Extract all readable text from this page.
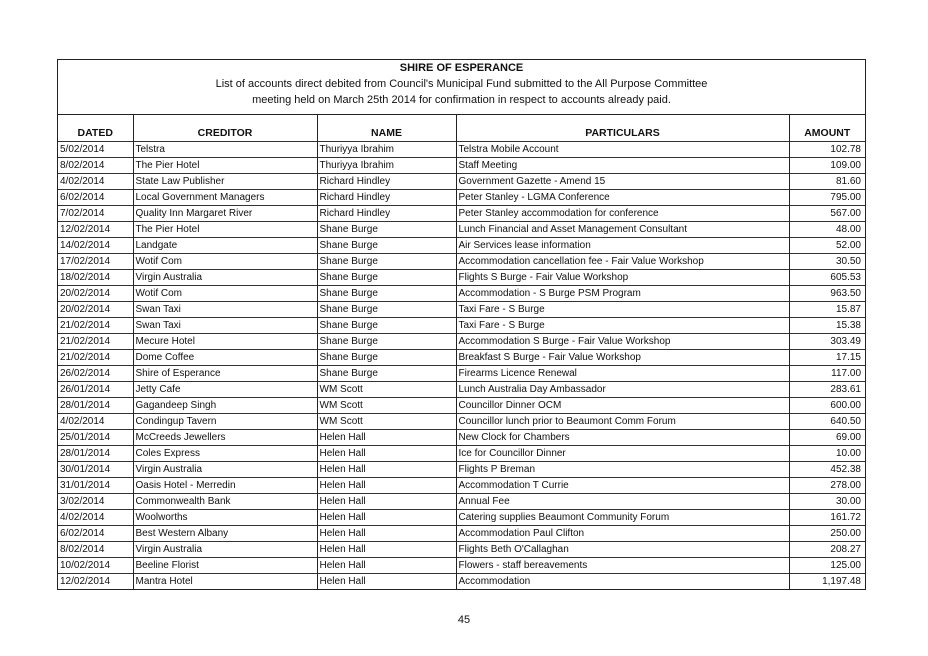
SHIRE OF ESPERANCE
List of accounts direct debited from Council's Municipal Fund submitted to the All Purpose Committee
meeting held on March 25th 2014 for confirmation in respect to accounts already paid.
DATED	CREDITOR	NAME	PARTICULARS	AMOUNT
5/02/2014	Telstra	Thuriyya Ibrahim	Telstra Mobile Account	102.78
8/02/2014	The Pier Hotel	Thuriyya Ibrahim	Staff Meeting	109.00
4/02/2014	State Law Publisher	Richard Hindley	Government Gazette - Amend 15	81.60
6/02/2014	Local Government Managers	Richard Hindley	Peter Stanley - LGMA Conference	795.00
7/02/2014	Quality Inn Margaret River	Richard Hindley	Peter Stanley accommodation for conference	567.00
12/02/2014	The Pier Hotel	Shane Burge	Lunch Financial and Asset Management Consultant	48.00
14/02/2014	Landgate	Shane Burge	Air Services lease information	52.00
17/02/2014	Wotif Com	Shane Burge	Accommodation cancellation fee - Fair Value Workshop	30.50
18/02/2014	Virgin Australia	Shane Burge	Flights S Burge - Fair Value Workshop	605.53
20/02/2014	Wotif Com	Shane Burge	Accommodation - S Burge PSM Program	963.50
20/02/2014	Swan Taxi	Shane Burge	Taxi Fare - S Burge	15.87
21/02/2014	Swan Taxi	Shane Burge	Taxi Fare - S Burge	15.38
21/02/2014	Mecure Hotel	Shane Burge	Accommodation S Burge - Fair Value Workshop	303.49
21/02/2014	Dome Coffee	Shane Burge	Breakfast S Burge - Fair Value Workshop	17.15
26/02/2014	Shire of Esperance	Shane Burge	Firearms Licence Renewal	117.00
26/01/2014	Jetty Cafe	WM Scott	Lunch Australia Day Ambassador	283.61
28/01/2014	Gagandeep Singh	WM Scott	Councillor Dinner OCM	600.00
4/02/2014	Condingup Tavern	WM Scott	Councillor lunch prior to Beaumont Comm Forum	640.50
25/01/2014	McCreeds Jewellers	Helen Hall	New Clock for Chambers	69.00
28/01/2014	Coles Express	Helen Hall	Ice for Councillor Dinner	10.00
30/01/2014	Virgin Australia	Helen Hall	Flights P Breman	452.38
31/01/2014	Oasis Hotel - Merredin	Helen Hall	Accommodation T Currie	278.00
3/02/2014	Commonwealth Bank	Helen Hall	Annual Fee	30.00
4/02/2014	Woolworths	Helen Hall	Catering supplies Beaumont Community Forum	161.72
6/02/2014	Best Western Albany	Helen Hall	Accommodation Paul Clifton	250.00
8/02/2014	Virgin Australia	Helen Hall	Flights Beth O'Callaghan	208.27
10/02/2014	Beeline Florist	Helen Hall	Flowers - staff bereavements	125.00
12/02/2014	Mantra Hotel	Helen Hall	Accommodation	1,197.48
45
